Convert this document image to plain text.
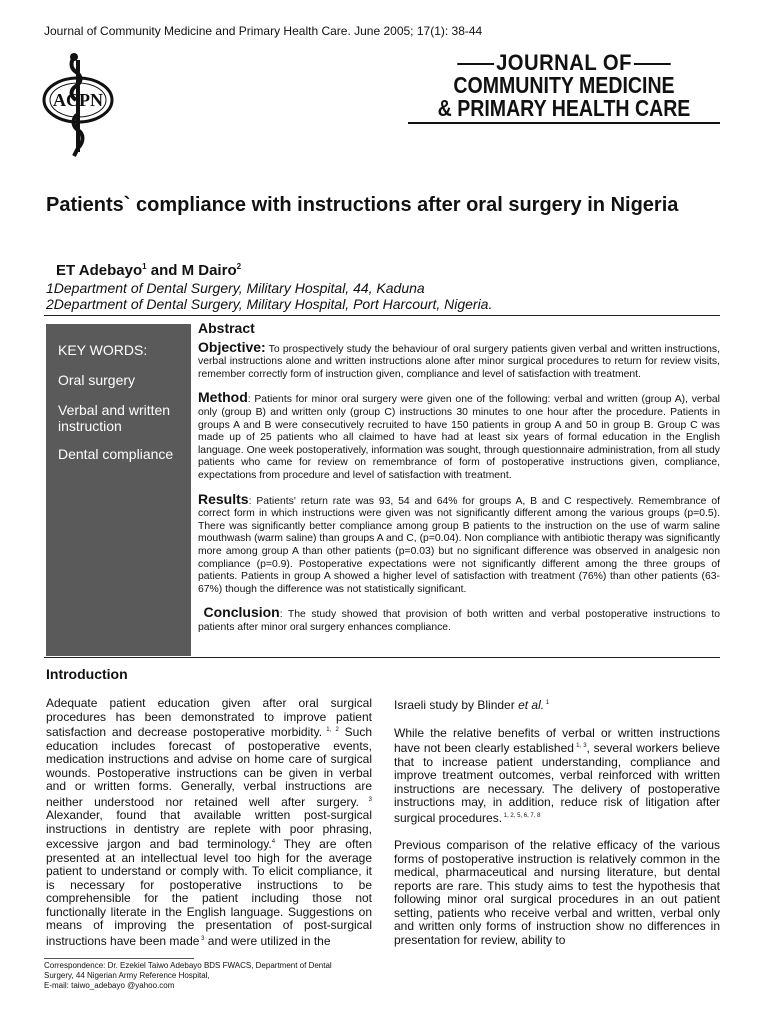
Journal of Community Medicine and Primary Health Care. June 2005; 17(1): 38-44
ACPN
JOURNAL OF
COMMUNITY MEDICINE
& PRIMARY HEALTH CARE
Patients` compliance with instructions after oral surgery in Nigeria
ET Adebayo$^1$ and M Dairo$^2$
1Department of Dental Surgery, Military Hospital, 44, Kaduna
2Department of Dental Surgery, Military Hospital, Port Harcourt, Nigeria.
KEY WORDS:
Oral surgery
Verbal and written instruction
Dental compliance
Abstract

Objective: To prospectively study the behaviour of oral surgery patients given verbal and written instructions, verbal instructions alone and written instructions alone after minor surgical procedures to return for review visits, remember correctly form of instruction given, compliance and level of satisfaction with treatment.

Method: Patients for minor oral surgery were given one of the following: verbal and written (group A), verbal only (group B) and written only (group C) instructions 30 minutes to one hour after the procedure. Patients in groups A and B were consecutively recruited to have 150 patients in group A and 50 in group B. Group C was made up of 25 patients who all claimed to have had at least six years of formal education in the English language. One week postoperatively, information was sought, through questionnaire administration, from all study patients who came for review on remembrance of form of postoperative instructions given, compliance, expectations from procedure and level of satisfaction with treatment.

Results: Patients' return rate was 93, 54 and 64% for groups A, B and C respectively. Remembrance of correct form in which instructions were given was not significantly different among the various groups (p=0.5). There was significantly better compliance among group B patients to the instruction on the use of warm saline mouthwash (warm saline) than groups A and C, (p=0.04). Non compliance with antibiotic therapy was significantly more among group A than other patients (p=0.03) but no significant difference was observed in analgesic non compliance (p=0.9). Postoperative expectations were not significantly different among the three groups of patients. Patients in group A showed a higher level of satisfaction with treatment (76%) than other patients (63-67%) though the difference was not statistically significant.

Conclusion: The study showed that provision of both written and verbal postoperative instructions to patients after minor oral surgery enhances compliance.

Introduction

Adequate patient education given after oral surgical procedures has been demonstrated to improve patient satisfaction and decrease postoperative morbidity. $^{1, 2}$ Such education includes forecast of postoperative events, medication instructions and advise on home care of surgical wounds. Postoperative instructions can be given in verbal and or written forms. Generally, verbal instructions are neither understood nor retained well after surgery. $^3$ Alexander, found that available written post-surgical instructions in dentistry are replete with poor phrasing, excessive jargon and bad terminology.$^4$ They are often presented at an intellectual level too high for the average patient to understand or comply with. To elicit compliance, it is necessary for postoperative instructions to be comprehensible for the patient including those not functionally literate in the English language. Suggestions on means of improving the presentation of post-surgical instructions have been made $^3$ and were utilized in the

Israeli study by Blinder et al. $^1$

While the relative benefits of verbal or written instructions have not been clearly established $^{1, 3}$, several workers believe that to increase patient understanding, compliance and improve treatment outcomes, verbal reinforced with written instructions are necessary. The delivery of postoperative instructions may, in addition, reduce risk of litigation after surgical procedures. $^{1, 2, 5, 6, 7, 8}$

Previous comparison of the relative efficacy of the various forms of postoperative instruction is relatively common in the medical, pharmaceutical and nursing literature, but dental reports are rare. This study aims to test the hypothesis that following minor oral surgical procedures in an out patient setting, patients who receive verbal and written, verbal only and written only forms of instruction show no differences in presentation for review, ability to

Correspondence: Dr. Ezekiel Taiwo Adebayo BDS FWACS, Department of Dental
Surgery, 44 Nigerian Army Reference Hospital,
E-mail: taiwo_adebayo @yahoo.com
